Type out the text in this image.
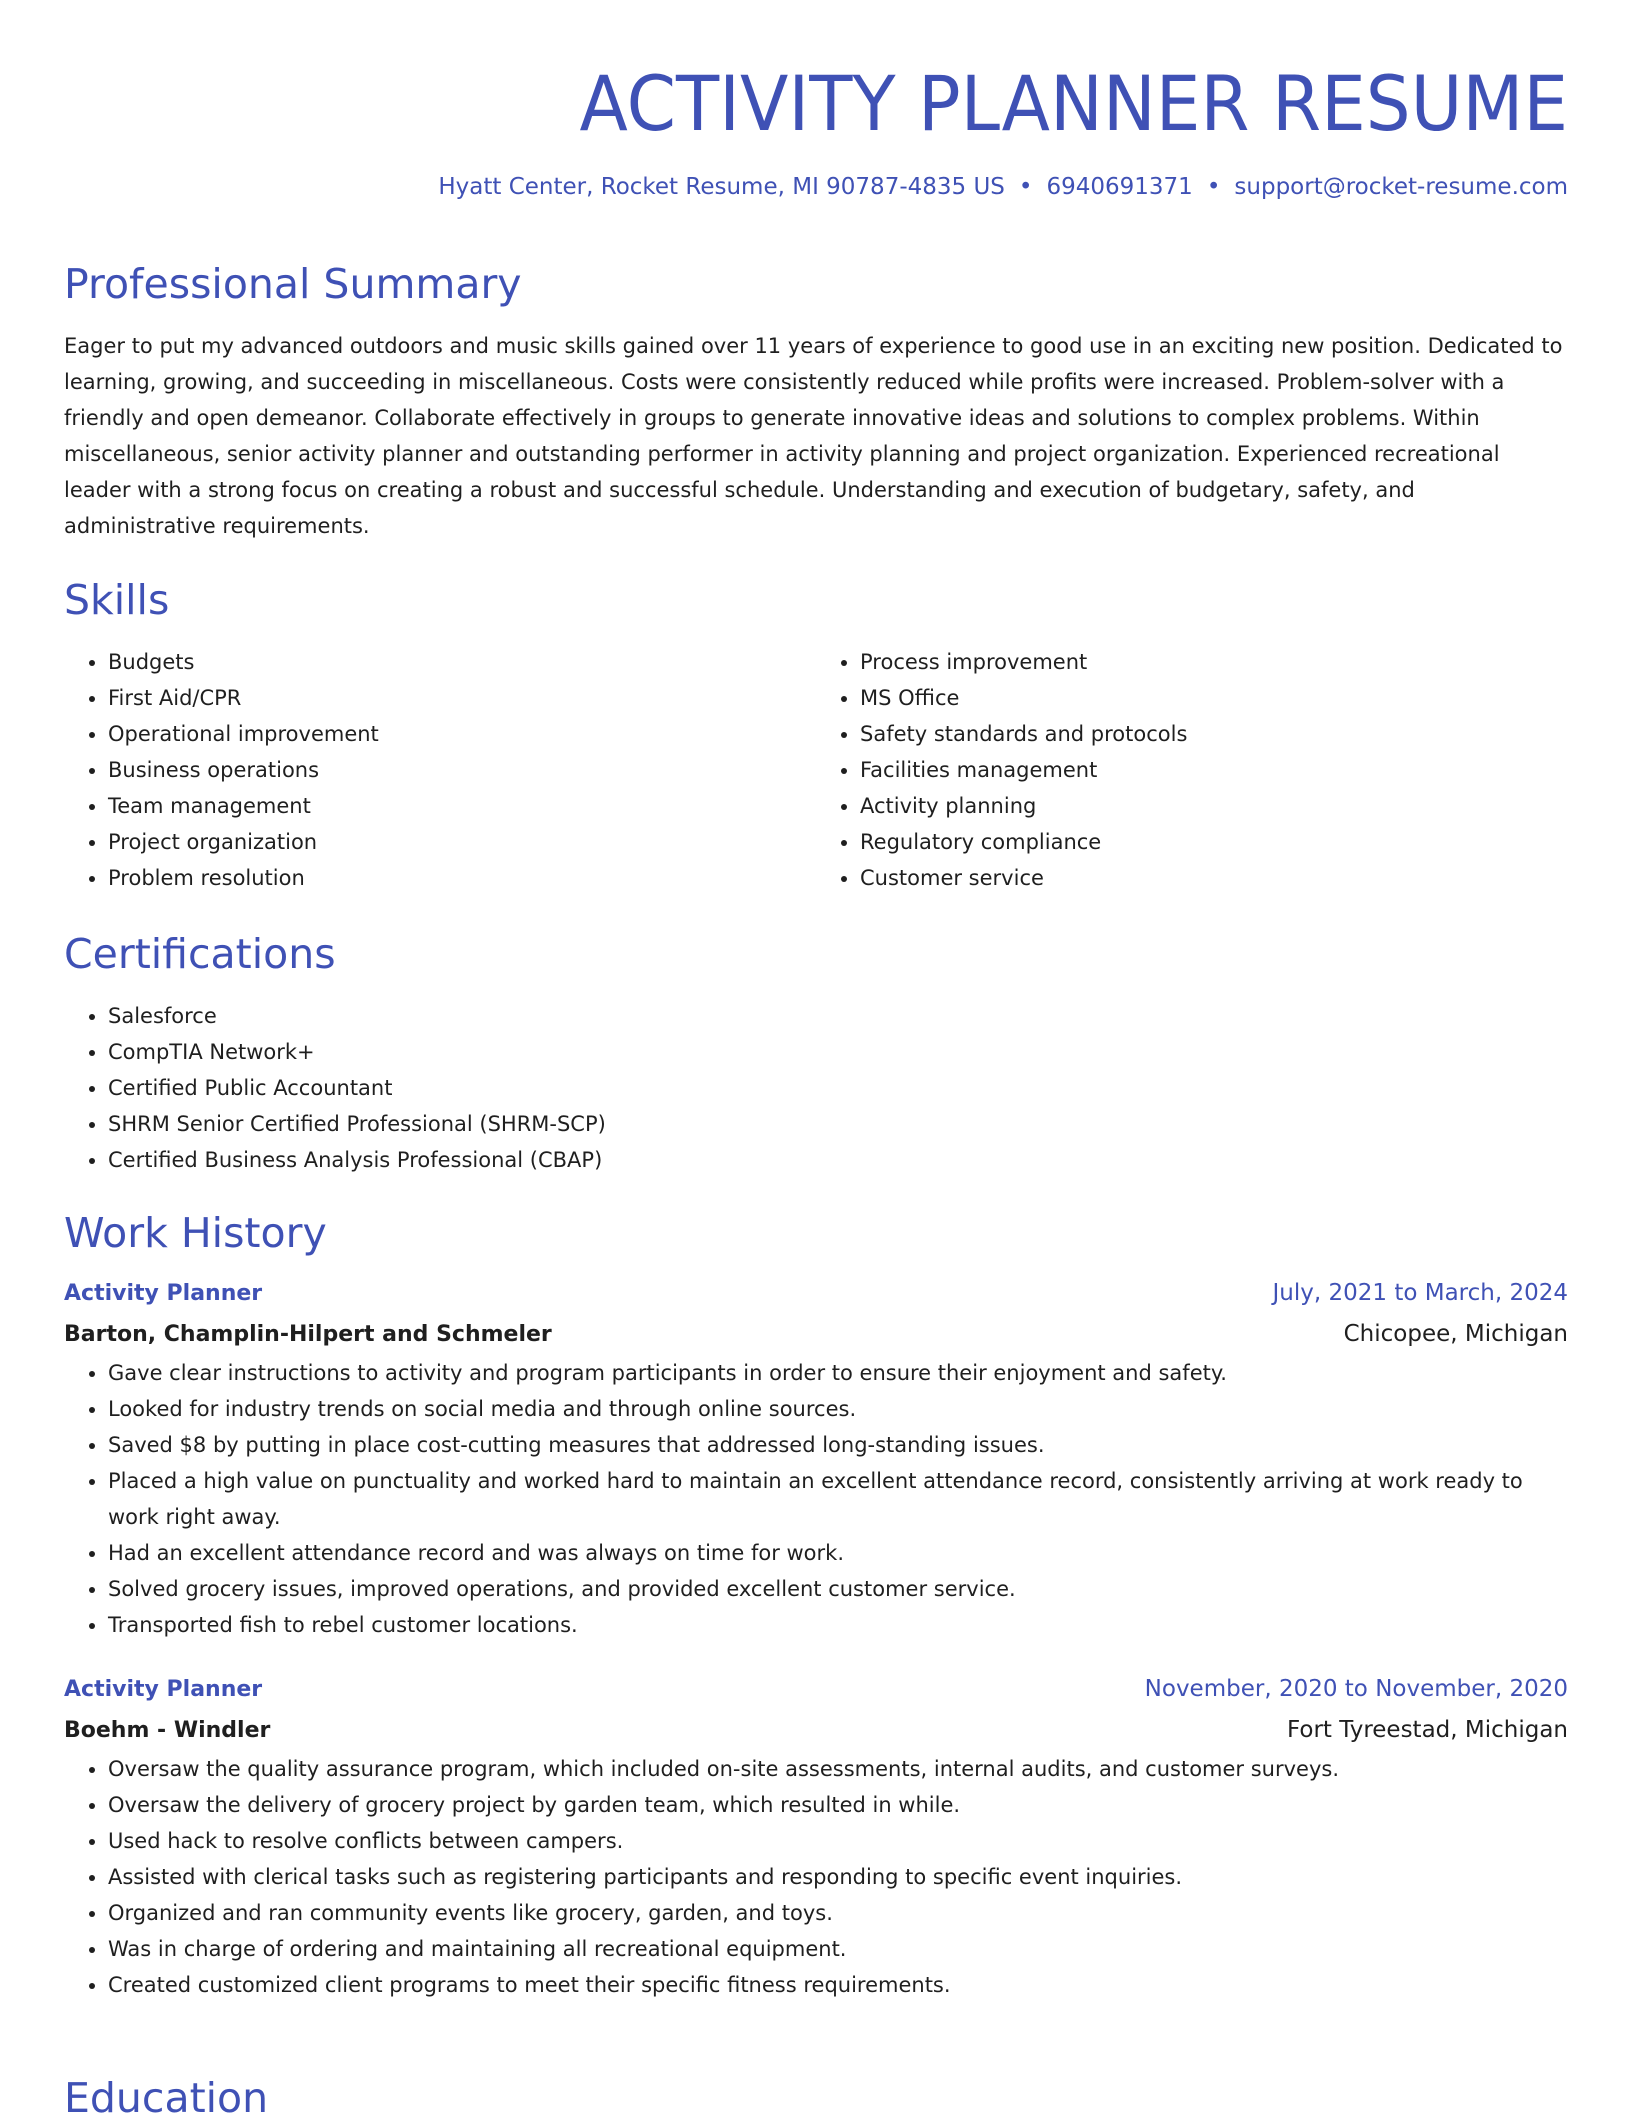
ACTIVITY PLANNER RESUME
Hyatt Center, Rocket Resume, MI 90787-4835 US • 6940691371 • support@rocket-resume.com
Professional Summary

Eager to put my advanced outdoors and music skills gained over 11 years of experience to good use in an exciting new position. Dedicated to learning, growing, and succeeding in miscellaneous. Costs were consistently reduced while profits were increased. Problem-solver with a friendly and open demeanor. Collaborate effectively in groups to generate innovative ideas and solutions to complex problems. Within miscellaneous, senior activity planner and outstanding performer in activity planning and project organization. Experienced recreational leader with a strong focus on creating a robust and successful schedule. Understanding and execution of budgetary, safety, and administrative requirements.

Skills
• Budgets
• First Aid/CPR
• Operational improvement
• Business operations
• Team management
• Project organization
• Problem resolution
• Process improvement
• MS Office
• Safety standards and protocols
• Facilities management
• Activity planning
• Regulatory compliance
• Customer service
Certifications
• Salesforce
• CompTIA Network+
• Certified Public Accountant
• SHRM Senior Certified Professional (SHRM-SCP)
• Certified Business Analysis Professional (CBAP)
Work History
Activity Planner	July, 2021 to March, 2024
Barton, Champlin-Hilpert and Schmeler	Chicopee, Michigan
• Gave clear instructions to activity and program participants in order to ensure their enjoyment and safety.
• Looked for industry trends on social media and through online sources.
• Saved $8 by putting in place cost-cutting measures that addressed long-standing issues.
• Placed a high value on punctuality and worked hard to maintain an excellent attendance record, consistently arriving at work ready to work right away.
• Had an excellent attendance record and was always on time for work.
• Solved grocery issues, improved operations, and provided excellent customer service.
• Transported fish to rebel customer locations.
Activity Planner	November, 2020 to November, 2020
Boehm - Windler	Fort Tyreestad, Michigan
• Oversaw the quality assurance program, which included on-site assessments, internal audits, and customer surveys.
• Oversaw the delivery of grocery project by garden team, which resulted in while.
• Used hack to resolve conflicts between campers.
• Assisted with clerical tasks such as registering participants and responding to specific event inquiries.
• Organized and ran community events like grocery, garden, and toys.
• Was in charge of ordering and maintaining all recreational equipment.
• Created customized client programs to meet their specific fitness requirements.
Education
